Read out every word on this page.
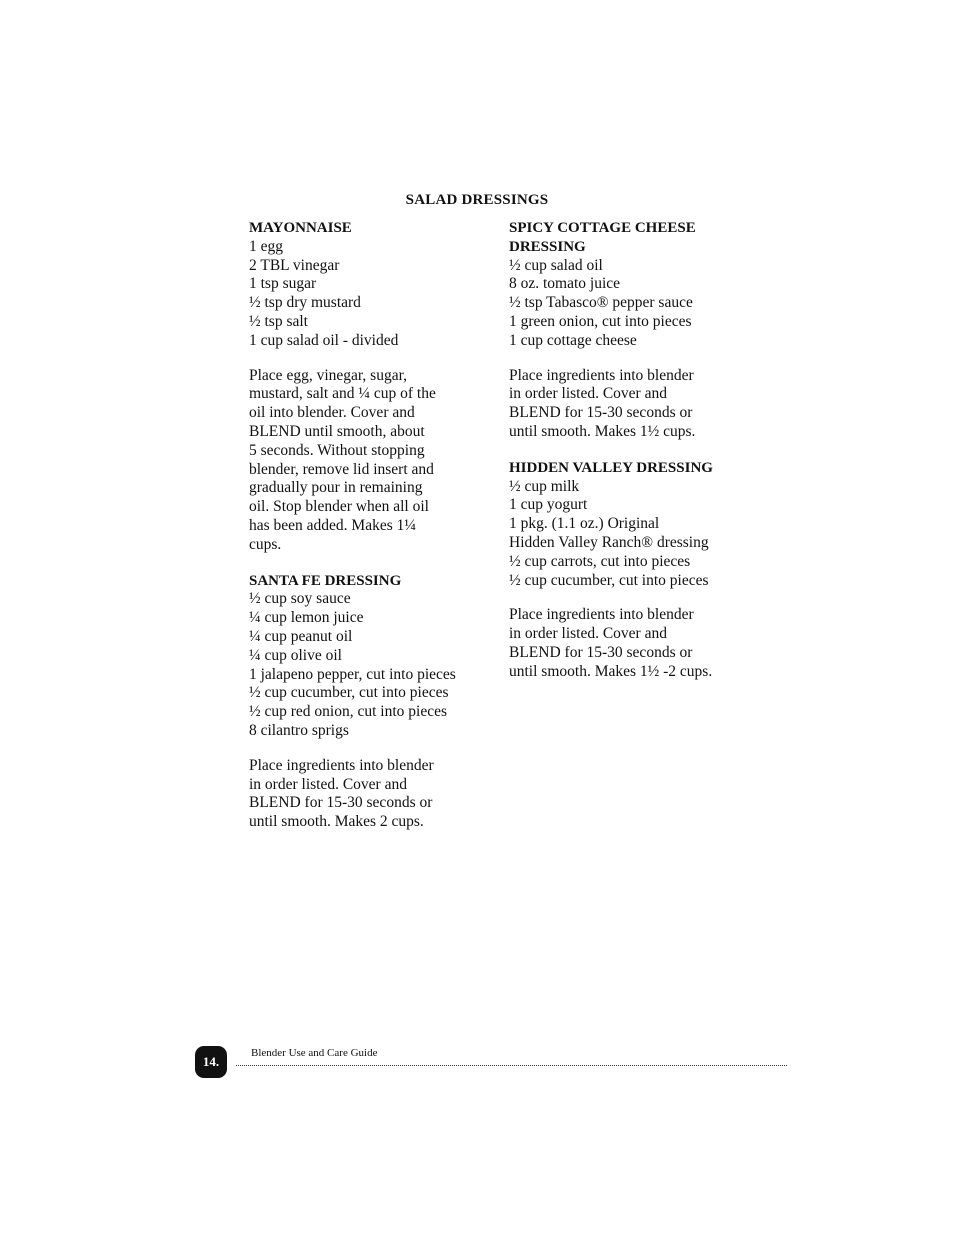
SALAD DRESSINGS
MAYONNAISE
1 egg
2 TBL vinegar
1 tsp sugar
½ tsp dry mustard
½ tsp salt
1 cup salad oil - divided
Place egg, vinegar, sugar,
mustard, salt and ¼ cup of the
oil into blender. Cover and
BLEND until smooth, about
5 seconds. Without stopping
blender, remove lid insert and
gradually pour in remaining
oil. Stop blender when all oil
has been added. Makes 1¼
cups.
SANTA FE DRESSING
½ cup soy sauce
¼ cup lemon juice
¼ cup peanut oil
¼ cup olive oil
1 jalapeno pepper, cut into pieces
½ cup cucumber, cut into pieces
½ cup red onion, cut into pieces
8 cilantro sprigs
Place ingredients into blender
in order listed. Cover and
BLEND for 15-30 seconds or
until smooth. Makes 2 cups.
SPICY COTTAGE CHEESE
DRESSING
½ cup salad oil
8 oz. tomato juice
½ tsp Tabasco® pepper sauce
1 green onion, cut into pieces
1 cup cottage cheese
Place ingredients into blender
in order listed. Cover and
BLEND for 15-30 seconds or
until smooth. Makes 1½ cups.
HIDDEN VALLEY DRESSING
½ cup milk
1 cup yogurt
1 pkg. (1.1 oz.) Original
Hidden Valley Ranch® dressing
½ cup carrots, cut into pieces
½ cup cucumber, cut into pieces
Place ingredients into blender
in order listed. Cover and
BLEND for 15-30 seconds or
until smooth. Makes 1½ -2 cups.
14.
Blender Use and Care Guide
